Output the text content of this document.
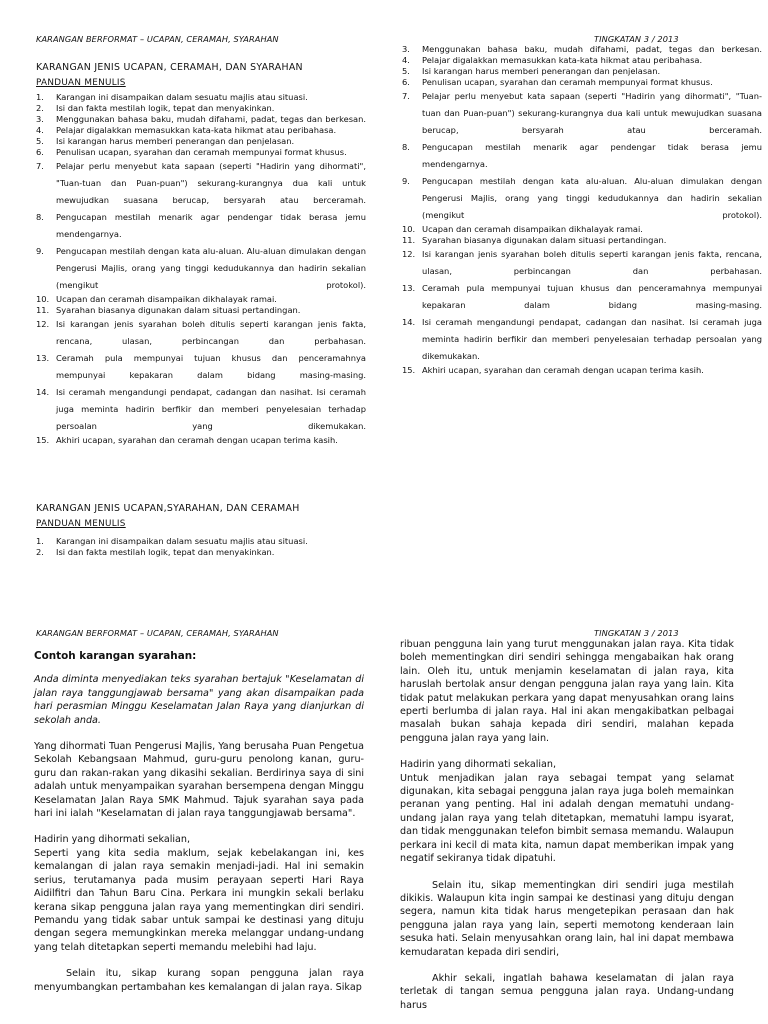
KARANGAN BERFORMAT – UCAPAN, CERAMAH, SYARAHAN	TINGKATAN 3 / 2013
KARANGAN JENIS UCAPAN, CERAMAH, DAN SYARAHAN
PANDUAN MENULIS
1.	Karangan ini disampaikan dalam sesuatu majlis atau situasi.
2.	Isi dan fakta mestilah logik, tepat dan menyakinkan.
3.	Menggunakan bahasa baku, mudah difahami, padat, tegas dan berkesan.
4.	Pelajar digalakkan memasukkan kata-kata hikmat atau peribahasa.
5.	Isi karangan harus memberi penerangan dan penjelasan.
6.	Penulisan ucapan, syarahan dan ceramah mempunyai format khusus.
7.	Pelajar perlu menyebut kata sapaan (seperti "Hadirin yang dihormati", "Tuan-tuan dan Puan-puan") sekurang-kurangnya dua kali untuk mewujudkan suasana berucap, bersyarah atau berceramah.
8.	Pengucapan mestilah menarik agar pendengar tidak berasa jemu mendengarnya.
9.	Pengucapan mestilah dengan kata alu-aluan. Alu-aluan dimulakan dengan Pengerusi Majlis, orang yang tinggi kedudukannya dan hadirin sekalian (mengikut protokol).
10. Ucapan dan ceramah disampaikan dikhalayak ramai.
11. Syarahan biasanya digunakan dalam situasi pertandingan.
12. Isi karangan jenis syarahan boleh ditulis seperti karangan jenis fakta, rencana, ulasan, perbincangan dan perbahasan.
13. Ceramah pula mempunyai tujuan khusus dan penceramahnya mempunyai kepakaran dalam bidang masing-masing.
14. Isi ceramah mengandungi pendapat, cadangan dan nasihat. Isi ceramah juga meminta hadirin berfikir dan memberi penyelesaian terhadap persoalan yang dikemukakan.
15. Akhiri ucapan, syarahan dan ceramah dengan ucapan terima kasih.
3.	Menggunakan bahasa baku, mudah difahami, padat, tegas dan berkesan.
4.	Pelajar digalakkan memasukkan kata-kata hikmat atau peribahasa.
5.	Isi karangan harus memberi penerangan dan penjelasan.
6.	Penulisan ucapan, syarahan dan ceramah mempunyai format khusus.
7.	Pelajar perlu menyebut kata sapaan (seperti "Hadirin yang dihormati", "Tuan-tuan dan Puan-puan") sekurang-kurangnya dua kali untuk mewujudkan suasana berucap, bersyarah atau berceramah.
8.	Pengucapan mestilah menarik agar pendengar tidak berasa jemu mendengarnya.
9.	Pengucapan mestilah dengan kata alu-aluan. Alu-aluan dimulakan dengan Pengerusi Majlis, orang yang tinggi kedudukannya dan hadirin sekalian (mengikut protokol).
10. Ucapan dan ceramah disampaikan dikhalayak ramai.
11. Syarahan biasanya digunakan dalam situasi pertandingan.
12. Isi karangan jenis syarahan boleh ditulis seperti karangan jenis fakta, rencana, ulasan, perbincangan dan perbahasan.
13. Ceramah pula mempunyai tujuan khusus dan penceramahnya mempunyai kepakaran dalam bidang masing-masing.
14. Isi ceramah mengandungi pendapat, cadangan dan nasihat. Isi ceramah juga meminta hadirin berfikir dan memberi penyelesaian terhadap persoalan yang dikemukakan.
15. Akhiri ucapan, syarahan dan ceramah dengan ucapan terima kasih.
KARANGAN JENIS UCAPAN,SYARAHAN, DAN CERAMAH
PANDUAN MENULIS
1.	Karangan ini disampaikan dalam sesuatu majlis atau situasi.
2.	Isi dan fakta mestilah logik, tepat dan menyakinkan.
KARANGAN BERFORMAT – UCAPAN, CERAMAH, SYARAHAN	TINGKATAN 3 / 2013

Contoh karangan syarahan:

Anda diminta menyediakan teks syarahan bertajuk "Keselamatan di jalan raya tanggungjawab bersama" yang akan disampaikan pada hari perasmian Minggu Keselamatan Jalan Raya yang dianjurkan di sekolah anda.

Yang dihormati Tuan Pengerusi Majlis, Yang berusaha Puan Pengetua Sekolah Kebangsaan Mahmud, guru-guru penolong kanan, guru-guru dan rakan-rakan yang dikasihi sekalian. Berdirinya saya di sini adalah untuk menyampaikan syarahan bersempena dengan Minggu Keselamatan Jalan Raya SMK Mahmud. Tajuk syarahan saya pada hari ini ialah "Keselamatan di jalan raya tanggungjawab bersama".

Hadirin yang dihormati sekalian,

Seperti yang kita sedia maklum, sejak kebelakangan ini, kes kemalangan di jalan raya semakin menjadi-jadi. Hal ini semakin serius, terutamanya pada musim perayaan seperti Hari Raya Aidilfitri dan Tahun Baru Cina. Perkara ini mungkin sekali berlaku kerana sikap pengguna jalan raya yang mementingkan diri sendiri. Pemandu yang tidak sabar untuk sampai ke destinasi yang dituju dengan segera memungkinkan mereka melanggar undang-undang yang telah ditetapkan seperti memandu melebihi had laju.

Selain itu, sikap kurang sopan pengguna jalan raya menyumbangkan pertambahan kes kemalangan di jalan raya. Sikap

ribuan pengguna lain yang turut menggunakan jalan raya. Kita tidak boleh mementingkan diri sendiri sehingga mengabaikan hak orang lain. Oleh itu, untuk menjamin keselamatan di jalan raya, kita haruslah bertolak ansur dengan pengguna jalan raya yang lain. Kita tidak patut melakukan perkara yang dapat menyusahkan orang lains eperti berlumba di jalan raya. Hal ini akan mengakibatkan pelbagai masalah bukan sahaja kepada diri sendiri, malahan kepada pengguna jalan raya yang lain.

Hadirin yang dihormati sekalian,

Untuk menjadikan jalan raya sebagai tempat yang selamat digunakan, kita sebagai pengguna jalan raya juga boleh memainkan peranan yang penting. Hal ini adalah dengan mematuhi undang-undang jalan raya yang telah ditetapkan, mematuhi lampu isyarat, dan tidak menggunakan telefon bimbit semasa memandu. Walaupun perkara ini kecil di mata kita, namun dapat memberikan impak yang negatif sekiranya tidak dipatuhi.

Selain itu, sikap mementingkan diri sendiri juga mestilah dikikis. Walaupun kita ingin sampai ke destinasi yang dituju dengan segera, namun kita tidak harus mengetepikan perasaan dan hak pengguna jalan raya yang lain, seperti memotong kenderaan lain sesuka hati. Selain menyusahkan orang lain, hal ini dapat membawa kemudaratan kepada diri sendiri,

Akhir sekali, ingatlah bahawa keselamatan di jalan raya terletak di tangan semua pengguna jalan raya. Undang-undang harus
